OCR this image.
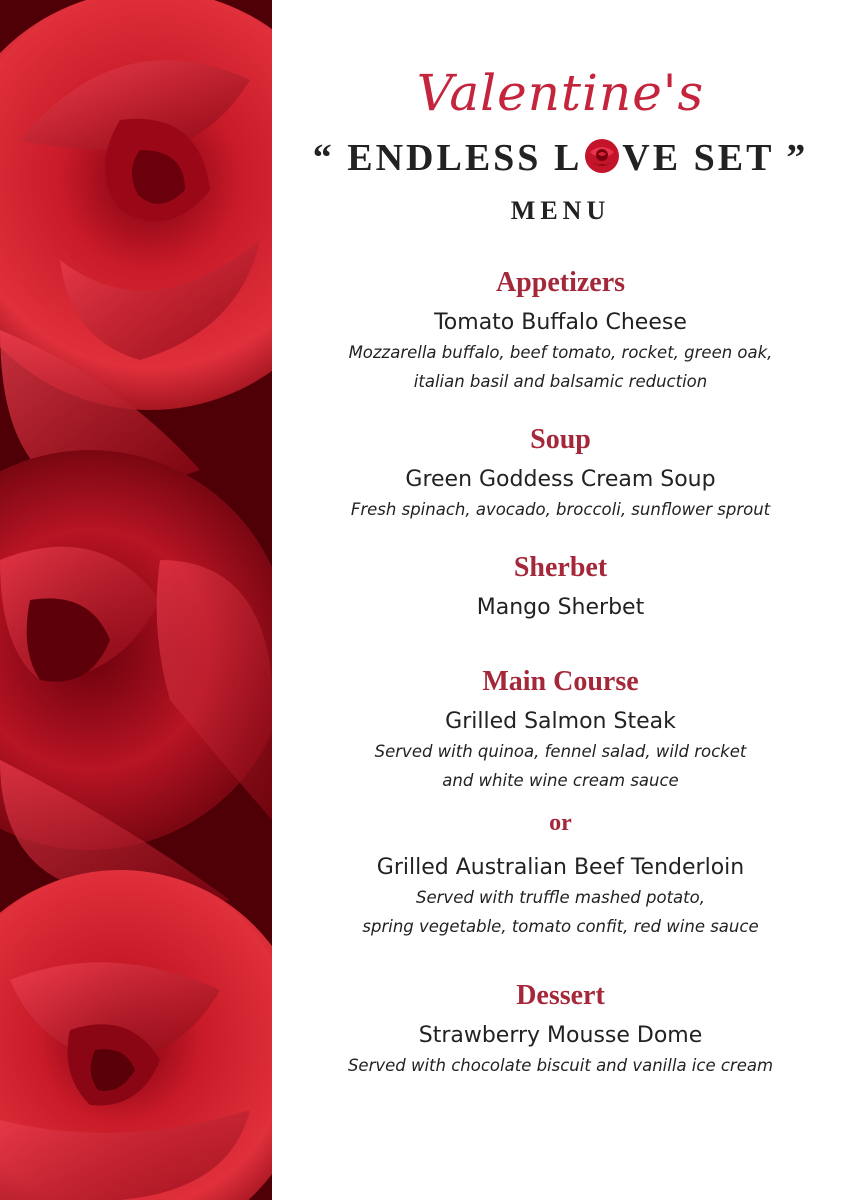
Valentine's
“ ENDLESS L VE SET ”
MENU
Appetizers
Tomato Buffalo Cheese
Mozzarella buffalo, beef tomato, rocket, green oak,
italian basil and balsamic reduction
Soup
Green Goddess Cream Soup
Fresh spinach, avocado, broccoli, sunflower sprout
Sherbet
Mango Sherbet
Main Course
Grilled Salmon Steak
Served with quinoa, fennel salad, wild rocket
and white wine cream sauce
or
Grilled Australian Beef Tenderloin
Served with truffle mashed potato,
spring vegetable, tomato confit, red wine sauce
Dessert
Strawberry Mousse Dome
Served with chocolate biscuit and vanilla ice cream
